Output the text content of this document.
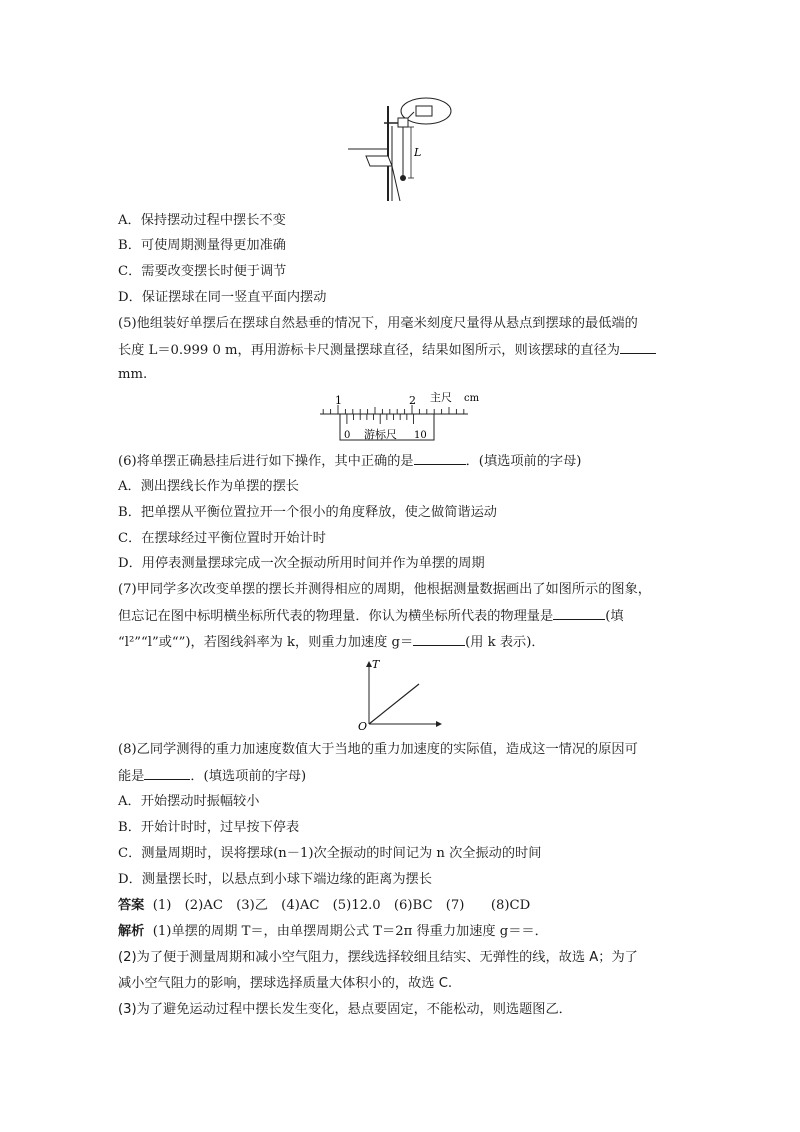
L
A．保持摆动过程中摆长不变
B．可使周期测量得更加准确
C．需要改变摆长时便于调节
D．保证摆球在同一竖直平面内摆动
(5)他组装好单摆后在摆球自然悬垂的情况下，用毫米刻度尺量得从悬点到摆球的最低端的
长度 L＝0.999 0 m，再用游标卡尺测量摆球直径，结果如图所示，则该摆球的直径为
mm.
1	2 主尺 cm
0 游标尺 10
(6)将单摆正确悬挂后进行如下操作，其中正确的是	．(填选项前的字母)
A．测出摆线长作为单摆的摆长
B．把单摆从平衡位置拉开一个很小的角度释放，使之做简谐运动
C．在摆球经过平衡位置时开始计时
D．用停表测量摆球完成一次全振动所用时间并作为单摆的周期
(7)甲同学多次改变单摆的摆长并测得相应的周期，他根据测量数据画出了如图所示的图象，
但忘记在图中标明横坐标所代表的物理量．你认为横坐标所代表的物理量是	(填
“l²”“l”或“”)，若图线斜率为 k，则重力加速度 g＝	(用 k 表示)．
T
O
(8)乙同学测得的重力加速度数值大于当地的重力加速度的实际值，造成这一情况的原因可
能是	．(填选项前的字母)
A．开始摆动时振幅较小
B．开始计时时，过早按下停表
C．测量周期时，误将摆球(n－1)次全振动的时间记为 n 次全振动的时间
D．测量摆长时，以悬点到小球下端边缘的距离为摆长
答案 (1)　(2)AC　(3)乙　(4)AC　(5)12.0　(6)BC　(7)　　(8)CD
解析 (1)单摆的周期 T＝，由单摆周期公式 T＝2π 得重力加速度 g＝＝．
(2)为了便于测量周期和减小空气阻力，摆线选择较细且结实、无弹性的线，故选 A；为了
减小空气阻力的影响，摆球选择质量大体积小的，故选 C.
(3)为了避免运动过程中摆长发生变化，悬点要固定，不能松动，则选题图乙．
